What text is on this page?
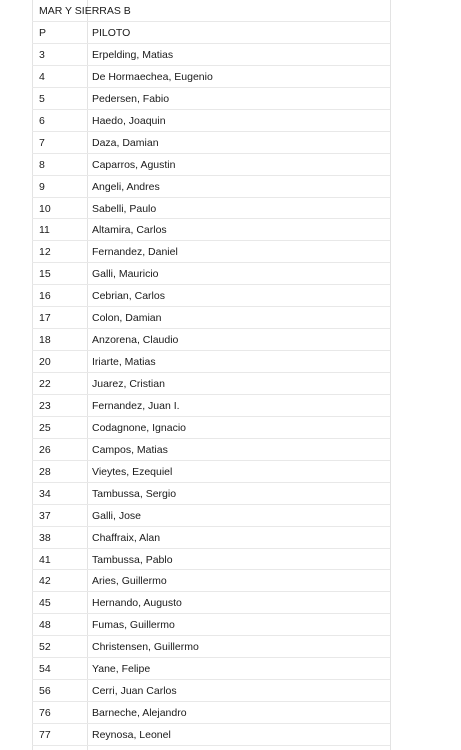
MAR Y SIERRAS B
P	PILOTO
3	Erpelding, Matias
4	De Hormaechea, Eugenio
5	Pedersen, Fabio
6	Haedo, Joaquin
7	Daza, Damian
8	Caparros, Agustin
9	Angeli, Andres
10	Sabelli, Paulo
11	Altamira, Carlos
12	Fernandez, Daniel
15	Galli, Mauricio
16	Cebrian, Carlos
17	Colon, Damian
18	Anzorena, Claudio
20	Iriarte, Matias
22	Juarez, Cristian
23	Fernandez, Juan I.
25	Codagnone, Ignacio
26	Campos, Matias
28	Vieytes, Ezequiel
34	Tambussa, Sergio
37	Galli, Jose
38	Chaffraix, Alan
41	Tambussa, Pablo
42	Aries, Guillermo
45	Hernando, Augusto
48	Fumas, Guillermo
52	Christensen, Guillermo
54	Yane, Felipe
56	Cerri, Juan Carlos
76	Barneche, Alejandro
77	Reynosa, Leonel
